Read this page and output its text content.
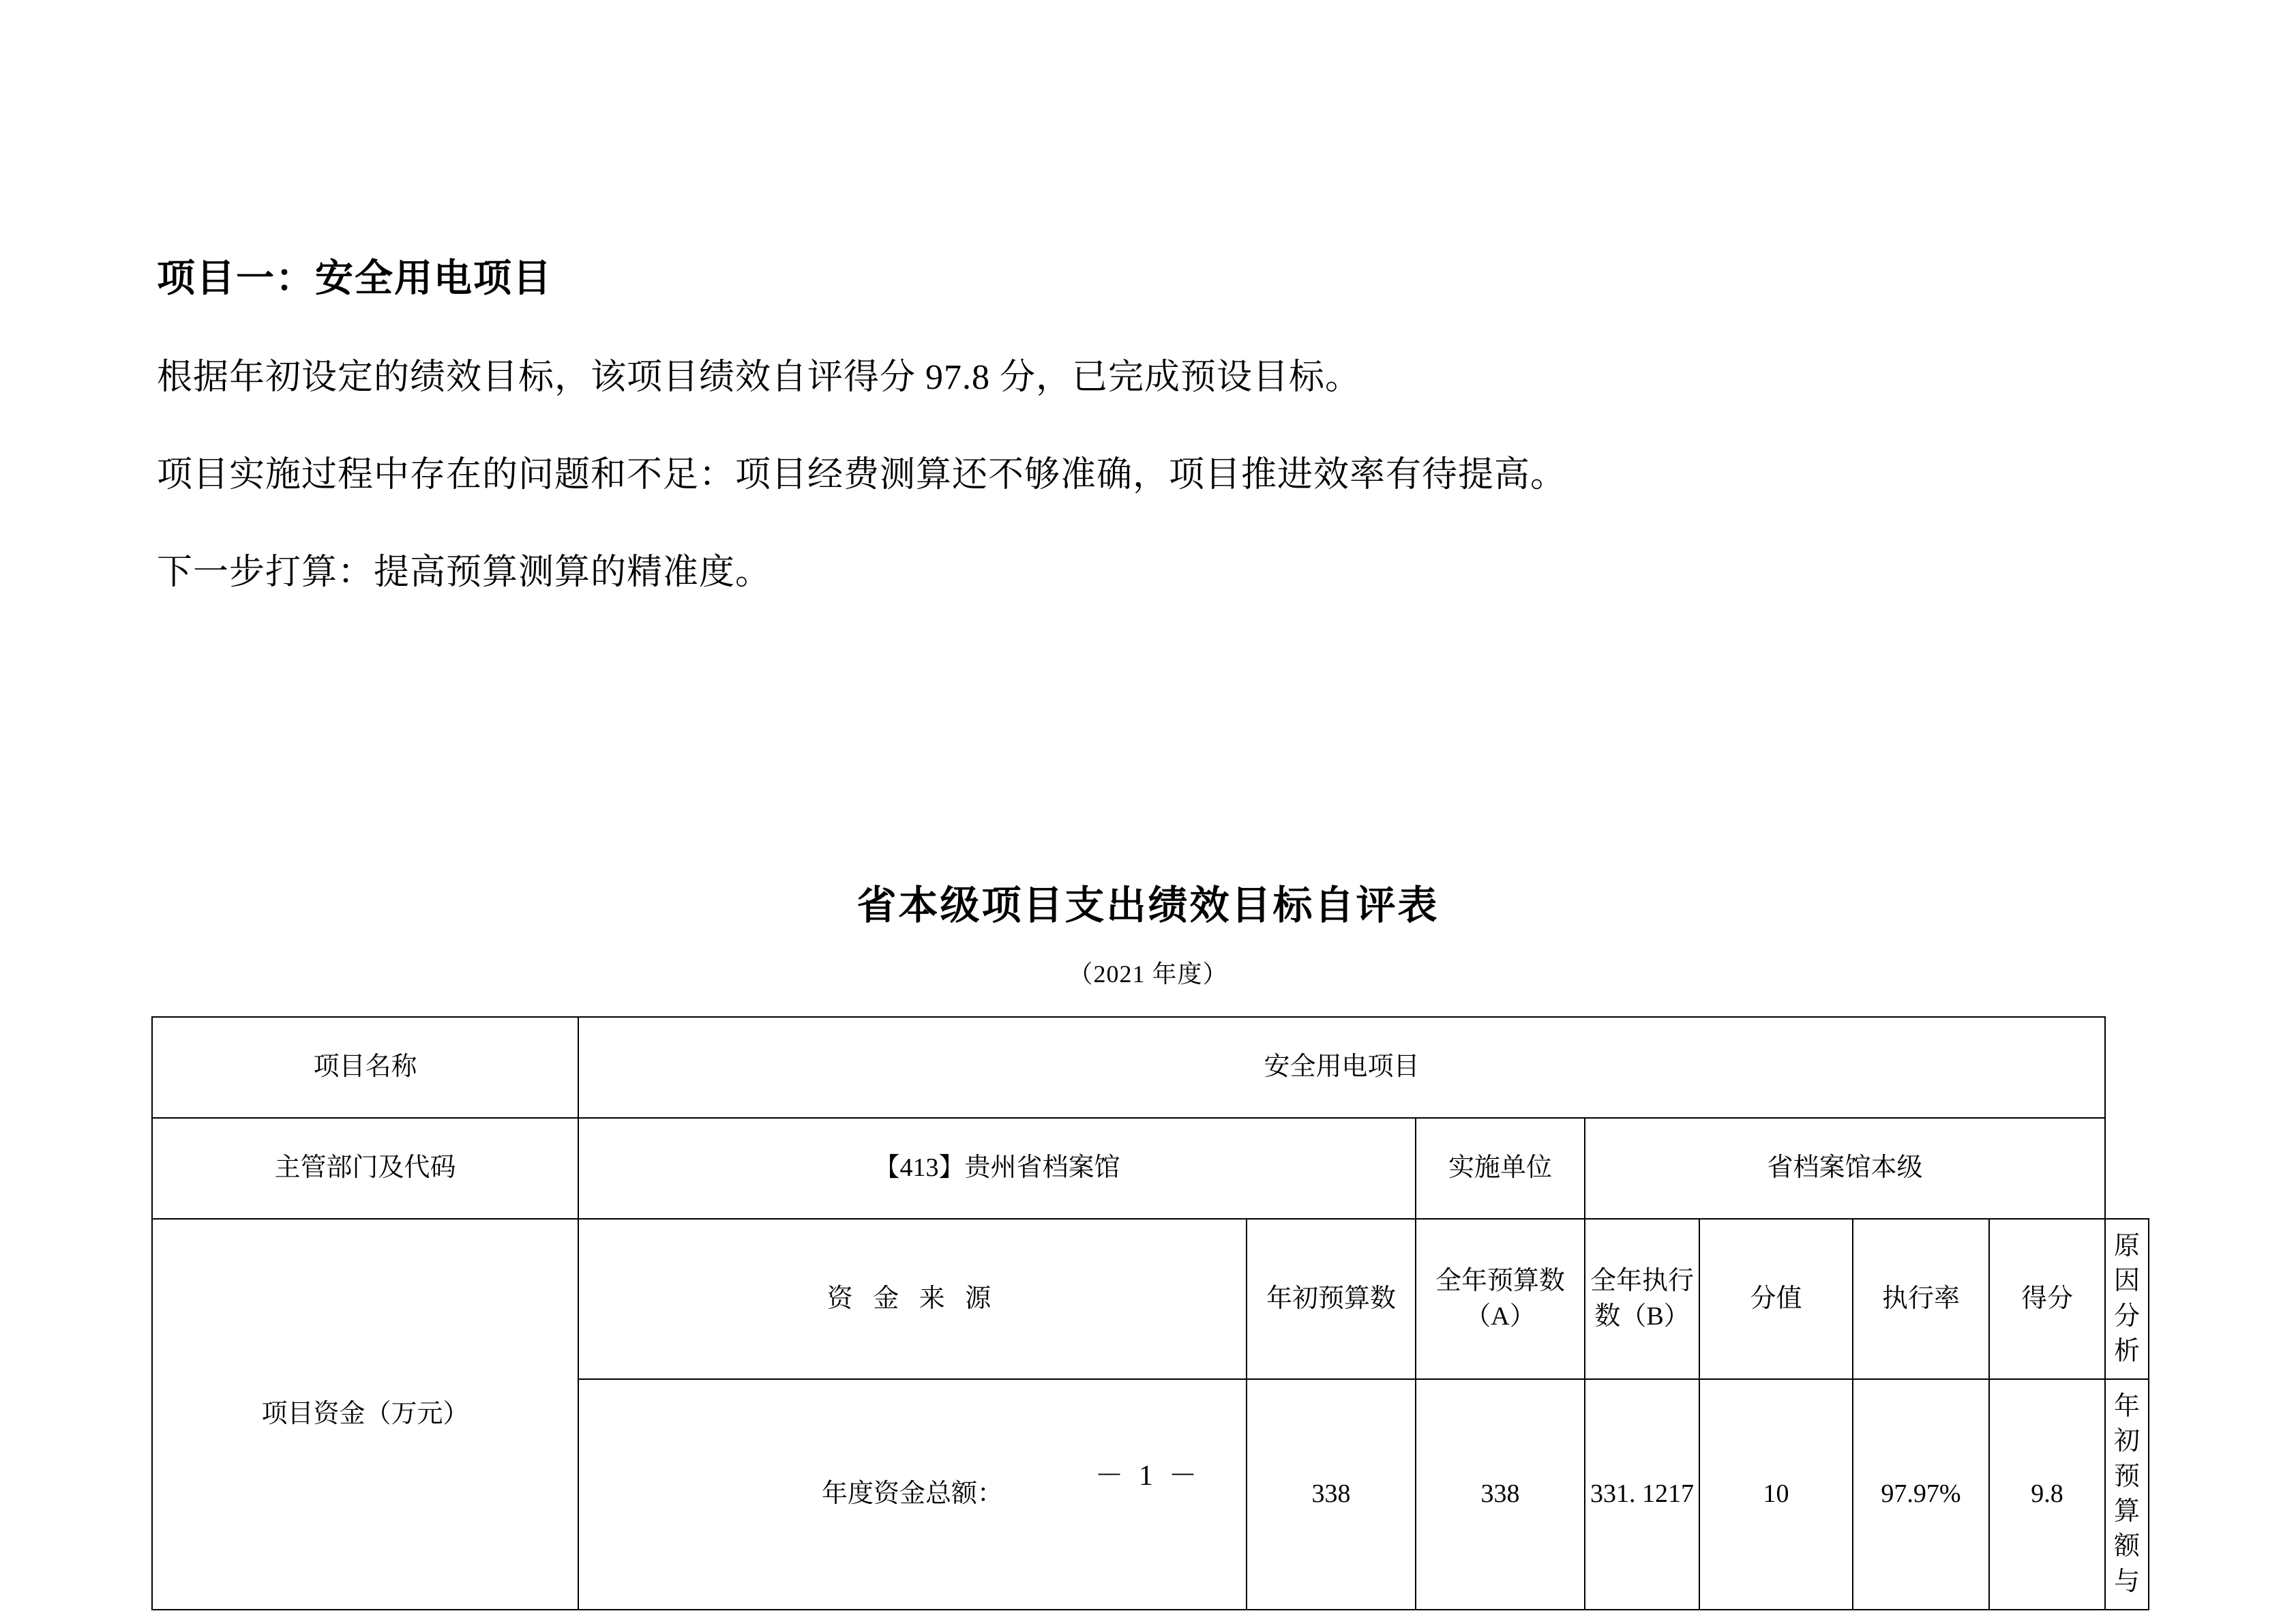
项目一：安全用电项目
根据年初设定的绩效目标，该项目绩效自评得分 97.8 分，已完成预设目标。
项目实施过程中存在的问题和不足：项目经费测算还不够准确，项目推进效率有待提高。
下一步打算：提高预算测算的精准度。
省本级项目支出绩效目标自评表
（2021 年度）
项目名称	安全用电项目							
主管部门及代码	【413】贵州省档案馆		实施单位	省档案馆本级				
项目资金（万元）	资 金 来 源	年初预算数	全年预算数（A）	全年执行数（B）	分值	执行率	得分	原因分析
	年度资金总额：	338	338	331. 1217	10	97.97%	9.8	年初预算额与
－ 1 －
